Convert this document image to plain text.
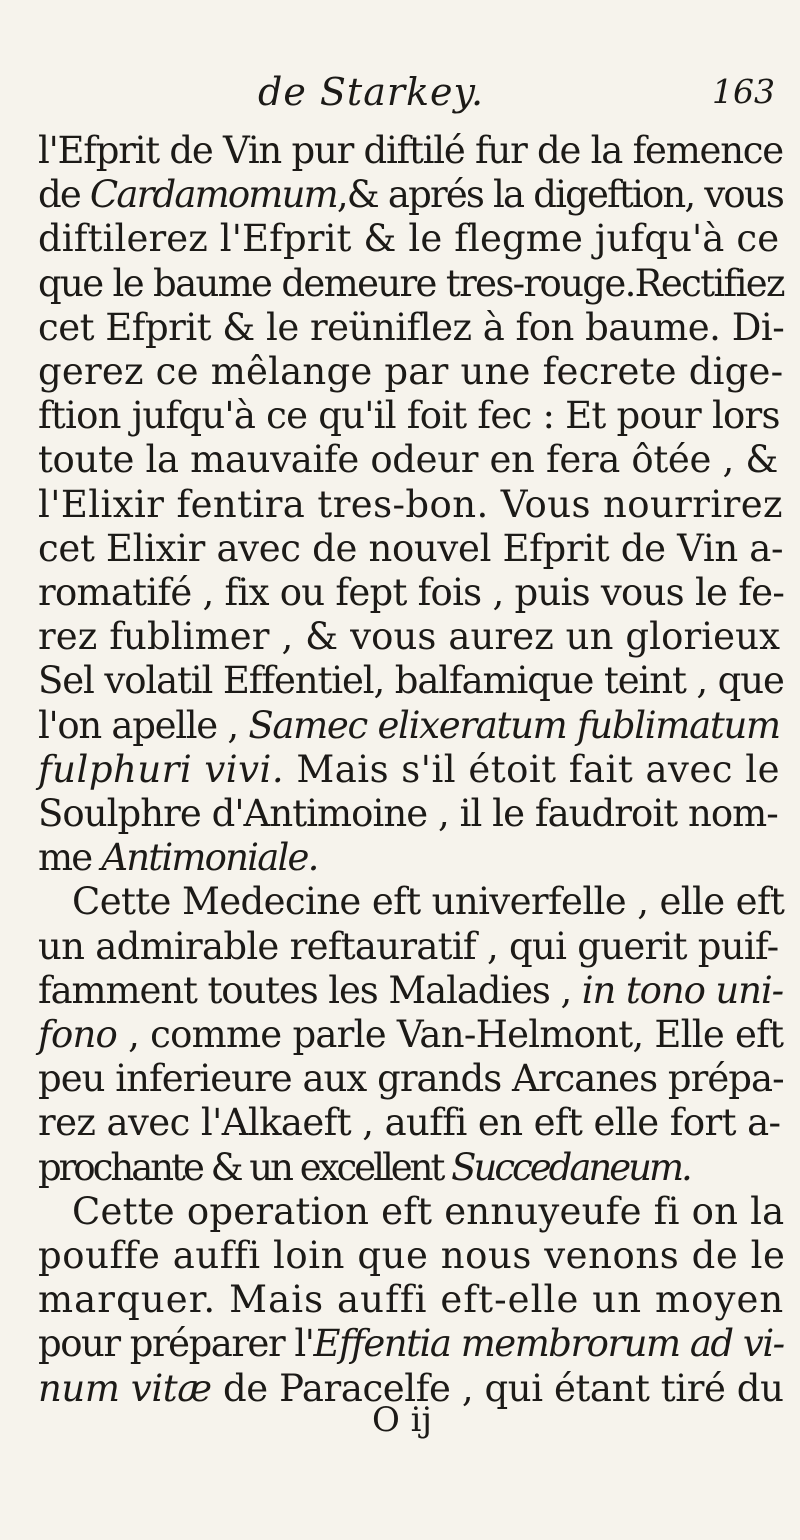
de Starkey.	163
l'Efprit de Vin pur diftilé fur de la femence
de Cardamomum,& aprés la digeftion, vous
diftilerez l'Efprit & le flegme jufqu'à ce
que le baume demeure tres-rouge.Rectifiez
cet Efprit & le reüniflez à fon baume. Di-
gerez ce mêlange par une fecrete dige-
ftion jufqu'à ce qu'il foit fec : Et pour lors
toute la mauvaife odeur en fera ôtée , &
l'Elixir fentira tres-bon. Vous nourrirez
cet Elixir avec de nouvel Efprit de Vin a-
romatifé , fix ou fept fois , puis vous le fe-
rez fublimer , & vous aurez un glorieux
Sel volatil Effentiel, balfamique teint , que
l'on apelle , Samec elixeratum fublimatum
fulphuri vivi. Mais s'il étoit fait avec le
Soulphre d'Antimoine , il le faudroit nom-
me Antimoniale.
Cette Medecine eft univerfelle , elle eft
un admirable reftauratif , qui guerit puif-
famment toutes les Maladies , in tono uni-
fono , comme parle Van-Helmont, Elle eft
peu inferieure aux grands Arcanes prépa-
rez avec l'Alkaeft , auffi en eft elle fort a-
prochante & un excellent Succedaneum.
Cette operation eft ennuyeufe fi on la
pouffe auffi loin que nous venons de le
marquer. Mais auffi eft-elle un moyen
pour préparer l'Effentia membrorum ad vi-
num vitæ de Paracelfe , qui étant tiré du
O ij
